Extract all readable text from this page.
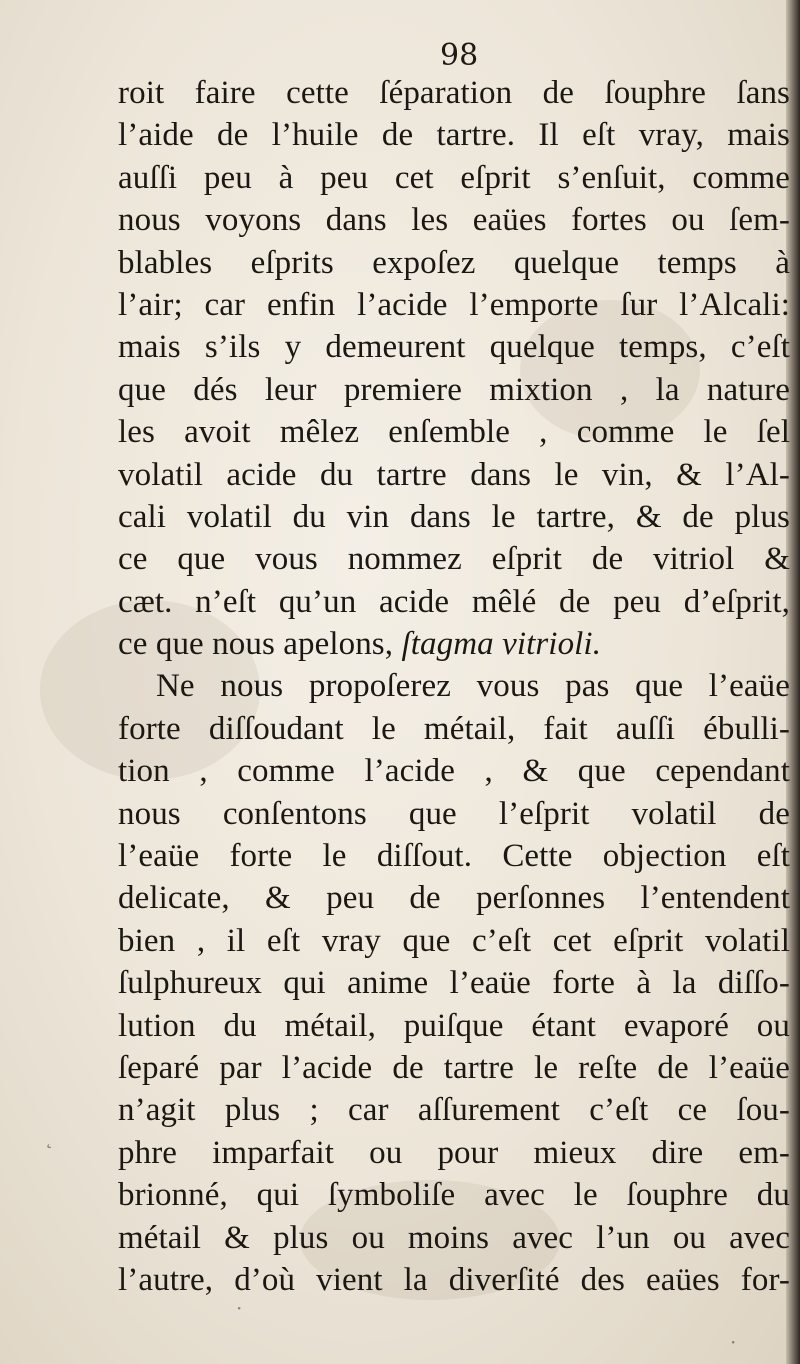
98
roit faire cette ſéparation de ſouphre ſans
l’aide de l’huile de tartre. Il eſt vray, mais
auſſi peu à peu cet eſprit s’enſuit, comme
nous voyons dans les eaües fortes ou ſem-
blables eſprits expoſez quelque temps à
l’air; car enfin l’acide l’emporte ſur l’Alcali:
mais s’ils y demeurent quelque temps, c’eſt
que dés leur premiere mixtion , la nature
les avoit mêlez enſemble , comme le ſel
volatil acide du tartre dans le vin, & l’Al-
cali volatil du vin dans le tartre, & de plus
ce que vous nommez eſprit de vitriol &
cæt. n’eſt qu’un acide mêlé de peu d’eſprit,
ce que nous apelons, ſtagma vitrioli.
Ne nous propoſerez vous pas que l’eaüe
forte diſſoudant le métail, fait auſſi ébulli-
tion , comme l’acide , & que cependant
nous conſentons que l’eſprit volatil de
l’eaüe forte le diſſout. Cette objection eſt
delicate, & peu de perſonnes l’entendent
bien , il eſt vray que c’eſt cet eſprit volatil
ſulphureux qui anime l’eaüe forte à la diſſo-
lution du métail, puiſque étant evaporé ou
ſeparé par l’acide de tartre le reſte de l’eaüe
n’agit plus ; car aſſurement c’eſt ce ſou-
phre imparfait ou pour mieux dire em-
brionné, qui ſymboliſe avec le ſouphre du
métail & plus ou moins avec l’un ou avec
l’autre, d’où vient la diverſité des eaües for-
˛
·
·
